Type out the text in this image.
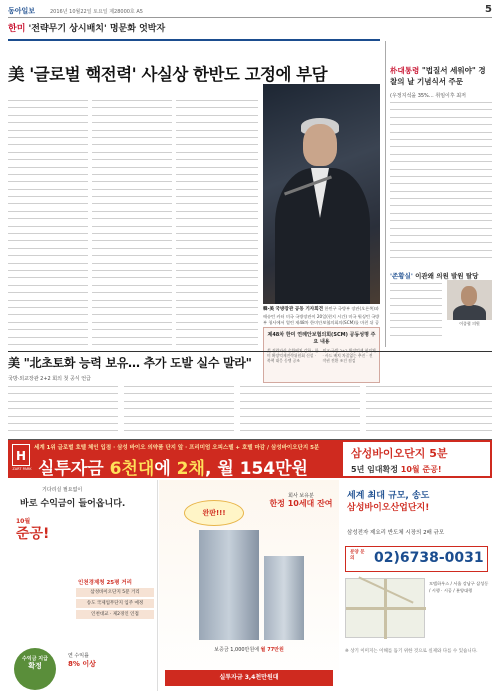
동아일보	2016년 10월22일 토요일 제28000호 A5	5
한미 '전략무기 상시배치' 명문화 엇박자
美 '글로벌 핵전력' 사실상 한반도 고정에 부담
韓·美 국방장관 공동 기자회견 한민구 국방부 장관(오른쪽)과 애슈턴 카터 미국 국방장관이 20일(현지 시간) 미국 워싱턴 국방부 청사에서 열린 제48차 한미안보협의회의(SCM)를 마친 뒤 공
제48차 한미 연례안보협의회(SCM) 공동성명 주요 내용
미 확장억제전략위원회 신설 · 북핵 대응 동맹 공조
· 사드 배치 차질없는 추진 · 전작권 전환 조건 점검
朴대통령 "법질서 세워야" 경찰의 날 기념식서 주문
(우정지석을 35%… 취임이후 최저
'존황실' 이관왜 의원 발원 탈당
이종협 의원
美 "北초토화 능력 보유… 추가 도발 실수 말라"
국방·외교장관 2+2 회의 첫 공식 언급
H
ZART PARK
세계 1위 글로벌 호텔 체인 입점 · 삼성 바이오 의약품 단지 앞 · 프리미엄 오피스텔 + 호텔 마감 / 삼성바이오단지 5분
실투자금 6천대에 2채, 월 154만원
삼성바이오단지 5분
5년 임대확정 10월 준공!
기다리실 필요없이
바로 수익금이 들어옵니다.
10월
준공!
인천경제청 25평 거리
삼성바이오단지 5분 거리
송도 국제업무단지 입주 예정
인천대교 · 제2경인 인접
수익금 지급
확정
연 수익률
8% 이상
완판!!!
회사 보유분
한정 10세대 잔여
보증금 1,000만원에 월 77만원
실투자금 3,4천만원대
세계 최대 규모, 송도
삼성바이오산업단지!
삼성전자 제요리 반도체 시장의 2배 규모
분양 문의	02)6738-0031
모델하우스 / 서울 강남구 삼성동 / 시행 · 시공 / 분양대행
※ 상기 이미지는 이해를 돕기 위한 것으로 실제와 다를 수 있습니다.
